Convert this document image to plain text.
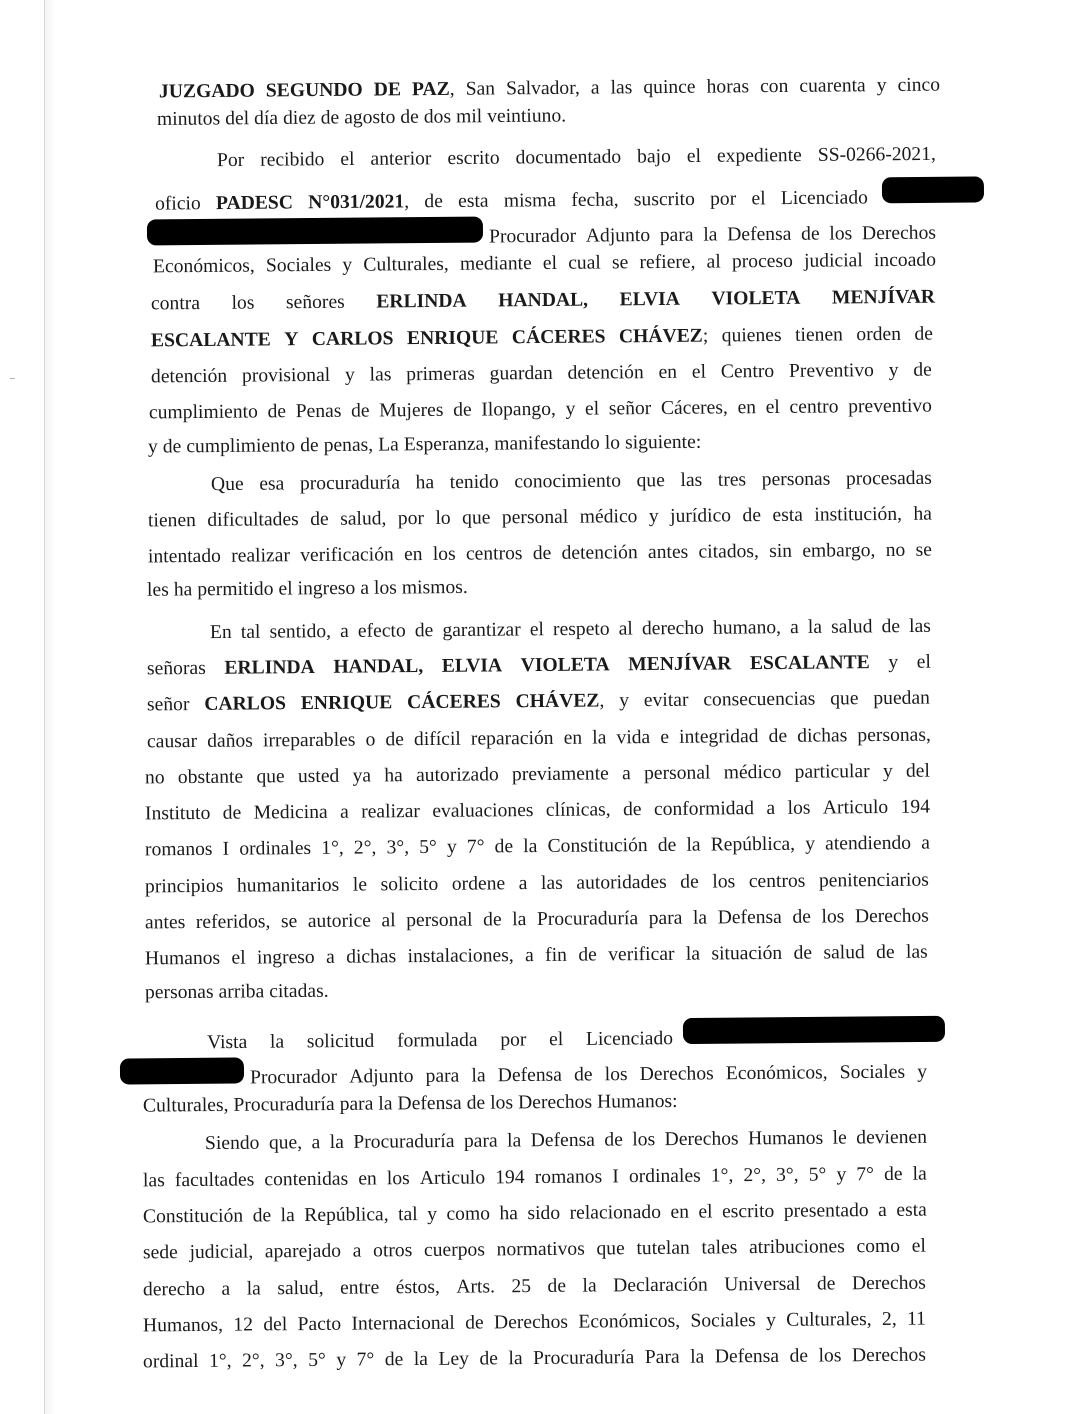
JUZGADO SEGUNDO DE PAZ, San Salvador, a las quince horas con cuarenta y cinco
minutos del día diez de agosto de dos mil veintiuno.
Por recibido el anterior escrito documentado bajo el expediente SS-0266-2021,
oficio PADESC N°031/2021, de esta misma fecha, suscrito por el Licenciado
Procurador Adjunto para la Defensa de los Derechos
Económicos, Sociales y Culturales, mediante el cual se refiere, al proceso judicial incoado
contra los señores ERLINDA HANDAL, ELVIA VIOLETA MENJÍVAR
ESCALANTE Y CARLOS ENRIQUE CÁCERES CHÁVEZ; quienes tienen orden de
detención provisional y las primeras guardan detención en el Centro Preventivo y de
cumplimiento de Penas de Mujeres de Ilopango, y el señor Cáceres, en el centro preventivo
y de cumplimiento de penas, La Esperanza, manifestando lo siguiente:
Que esa procuraduría ha tenido conocimiento que las tres personas procesadas
tienen dificultades de salud, por lo que personal médico y jurídico de esta institución, ha
intentado realizar verificación en los centros de detención antes citados, sin embargo, no se
les ha permitido el ingreso a los mismos.
En tal sentido, a efecto de garantizar el respeto al derecho humano, a la salud de las
señoras ERLINDA HANDAL, ELVIA VIOLETA MENJÍVAR ESCALANTE y el
señor CARLOS ENRIQUE CÁCERES CHÁVEZ, y evitar consecuencias que puedan
causar daños irreparables o de difícil reparación en la vida e integridad de dichas personas,
no obstante que usted ya ha autorizado previamente a personal médico particular y del
Instituto de Medicina a realizar evaluaciones clínicas, de conformidad a los Articulo 194
romanos I ordinales 1°, 2°, 3°, 5° y 7° de la Constitución de la República, y atendiendo a
principios humanitarios le solicito ordene a las autoridades de los centros penitenciarios
antes referidos, se autorice al personal de la Procuraduría para la Defensa de los Derechos
Humanos el ingreso a dichas instalaciones, a fin de verificar la situación de salud de las
personas arriba citadas.
Vista la solicitud formulada por el Licenciado
Procurador Adjunto para la Defensa de los Derechos Económicos, Sociales y
Culturales, Procuraduría para la Defensa de los Derechos Humanos:
Siendo que, a la Procuraduría para la Defensa de los Derechos Humanos le devienen
las facultades contenidas en los Articulo 194 romanos I ordinales 1°, 2°, 3°, 5° y 7° de la
Constitución de la República, tal y como ha sido relacionado en el escrito presentado a esta
sede judicial, aparejado a otros cuerpos normativos que tutelan tales atribuciones como el
derecho a la salud, entre éstos, Arts. 25 de la Declaración Universal de Derechos
Humanos, 12 del Pacto Internacional de Derechos Económicos, Sociales y Culturales, 2, 11
ordinal 1°, 2°, 3°, 5° y 7° de la Ley de la Procuraduría Para la Defensa de los Derechos
